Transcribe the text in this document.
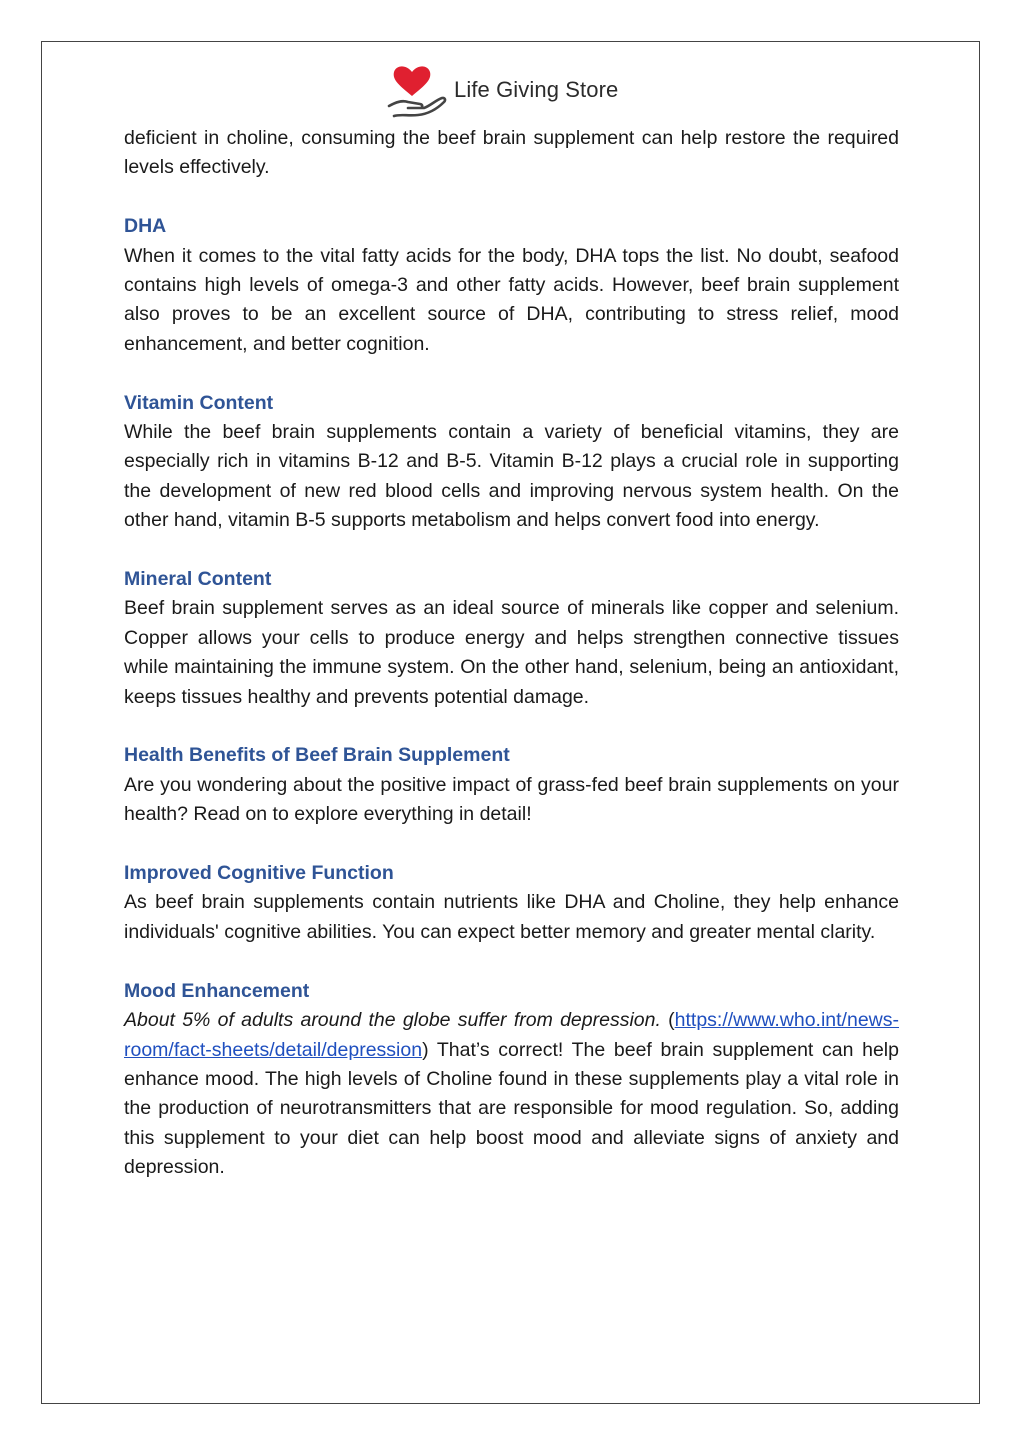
Life Giving Store

deficient in choline, consuming the beef brain supplement can help restore the required levels effectively.

DHA

When it comes to the vital fatty acids for the body, DHA tops the list. No doubt, seafood contains high levels of omega-3 and other fatty acids. However, beef brain supplement also proves to be an excellent source of DHA, contributing to stress relief, mood enhancement, and better cognition.

Vitamin Content

While the beef brain supplements contain a variety of beneficial vitamins, they are especially rich in vitamins B-12 and B-5. Vitamin B-12 plays a crucial role in supporting the development of new red blood cells and improving nervous system health. On the other hand, vitamin B-5 supports metabolism and helps convert food into energy.

Mineral Content

Beef brain supplement serves as an ideal source of minerals like copper and selenium. Copper allows your cells to produce energy and helps strengthen connective tissues while maintaining the immune system. On the other hand, selenium, being an antioxidant, keeps tissues healthy and prevents potential damage.

Health Benefits of Beef Brain Supplement

Are you wondering about the positive impact of grass-fed beef brain supplements on your health? Read on to explore everything in detail!

Improved Cognitive Function

As beef brain supplements contain nutrients like DHA and Choline, they help enhance individuals' cognitive abilities. You can expect better memory and greater mental clarity.

Mood Enhancement

About 5% of adults around the globe suffer from depression. (https://www.who.int/news-room/fact-sheets/detail/depression) That’s correct! The beef brain supplement can help enhance mood. The high levels of Choline found in these supplements play a vital role in the production of neurotransmitters that are responsible for mood regulation. So, adding this supplement to your diet can help boost mood and alleviate signs of anxiety and depression.
